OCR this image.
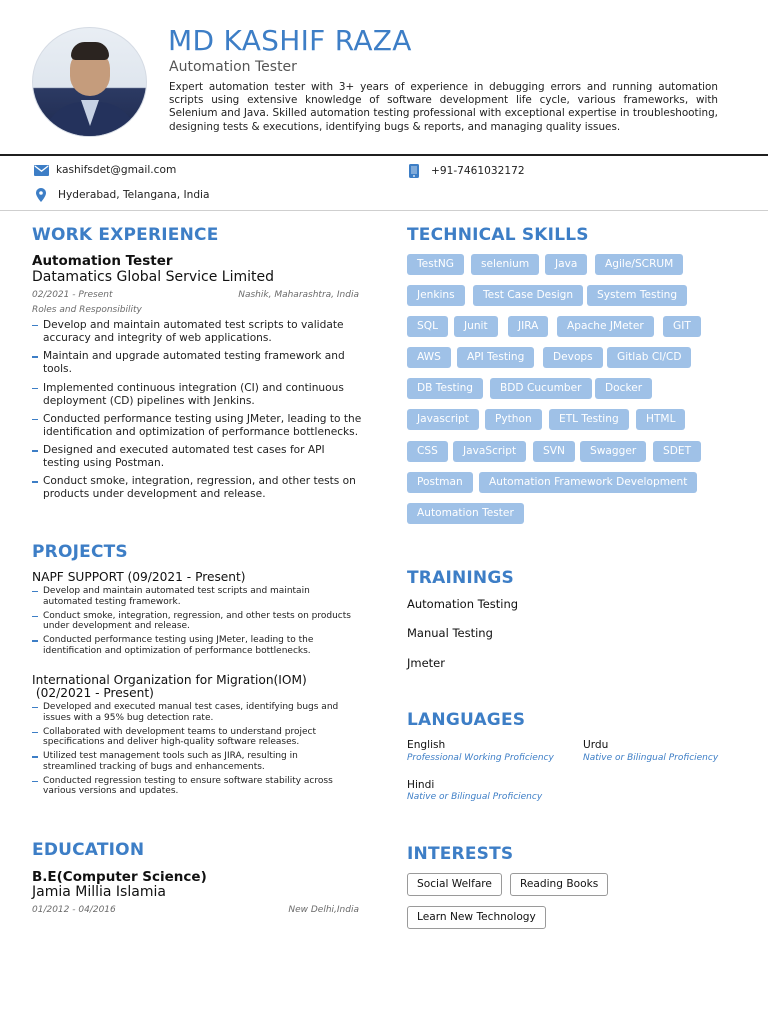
MD KASHIF RAZA
Automation Tester

Expert automation tester with 3+ years of experience in debugging errors and running automation scripts using extensive knowledge of software development life cycle, various frameworks, with Selenium and Java. Skilled automation testing professional with exceptional expertise in troubleshooting, designing tests & executions, identifying bugs & reports, and managing quality issues.

kashifsdet@gmail.com	+91-7461032172
Hyderabad, Telangana, India
WORK EXPERIENCE
Automation Tester
Datamatics Global Service Limited
02/2021 - Present	Nashik, Maharashtra, India
Roles and Responsibility
Develop and maintain automated test scripts to validate accuracy and integrity of web applications.
Maintain and upgrade automated testing framework and tools.
Implemented continuous integration (CI) and continuous deployment (CD) pipelines with Jenkins.
Conducted performance testing using JMeter, leading to the identification and optimization of performance bottlenecks.
Designed and executed automated test cases for API testing using Postman.
Conduct smoke, integration, regression, and other tests on products under development and release.
PROJECTS
NAPF SUPPORT (09/2021 - Present)
Develop and maintain automated test scripts and maintain automated testing framework.
Conduct smoke, integration, regression, and other tests on products under development and release.
Conducted performance testing using JMeter, leading to the identification and optimization of performance bottlenecks.
International Organization for Migration(IOM)
(02/2021 - Present)
Developed and executed manual test cases, identifying bugs and issues with a 95% bug detection rate.
Collaborated with development teams to understand project specifications and deliver high-quality software releases.
Utilized test management tools such as JIRA, resulting in streamlined tracking of bugs and enhancements.
Conducted regression testing to ensure software stability across various versions and updates.
EDUCATION
B.E(Computer Science)
Jamia Millia Islamia
01/2012 - 04/2016	New Delhi,India
TECHNICAL SKILLS
TestNG	selenium	Java	Agile/SCRUM
Jenkins	Test Case Design	System Testing
SQL	Junit	JIRA	Apache JMeter	GIT
AWS	API Testing	Devops	Gitlab CI/CD
DB Testing	BDD Cucumber	Docker
Javascript	Python	ETL Testing	HTML
CSS	JavaScript	SVN	Swagger	SDET
Postman	Automation Framework Development
Automation Tester
TRAININGS
Automation Testing
Manual Testing
Jmeter
LANGUAGES
English
Professional Working Proficiency
Urdu
Native or Bilingual Proficiency
Hindi
Native or Bilingual Proficiency
INTERESTS
Social Welfare	Reading Books
Learn New Technology
